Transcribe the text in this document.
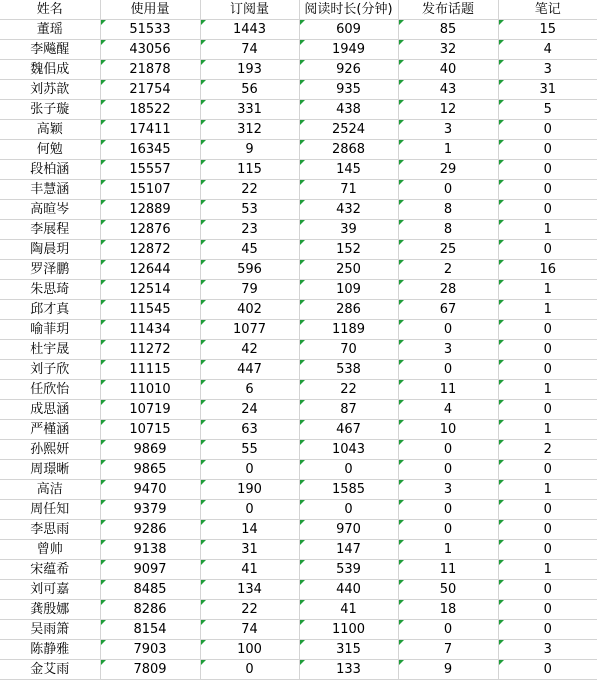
姓名	使用量	订阅量	阅读时长(分钟)	发布话题	笔记
董瑶	51533	1443	609	85	15
李飚醒	43056	74	1949	32	4
魏佀成	21878	193	926	40	3
刘苏歆	21754	56	935	43	31
张子璇	18522	331	438	12	5
高颖	17411	312	2524	3	0
何勉	16345	9	2868	1	0
段柏涵	15557	115	145	29	0
丰慧涵	15107	22	71	0	0
高暄岑	12889	53	432	8	0
李展程	12876	23	39	8	1
陶晨玥	12872	45	152	25	0
罗泽鹏	12644	596	250	2	16
朱思琦	12514	79	109	28	1
邱才真	11545	402	286	67	1
喻菲玥	11434	1077	1189	0	0
杜宇晟	11272	42	70	3	0
刘子欣	11115	447	538	0	0
任欣怡	11010	6	22	11	1
成思涵	10719	24	87	4	0
严槿涵	10715	63	467	10	1
孙熙妍	9869	55	1043	0	2
周璟晰	9865	0	0	0	0
高洁	9470	190	1585	3	1
周任知	9379	0	0	0	0
李思雨	9286	14	970	0	0
曾帅	9138	31	147	1	0
宋蕴希	9097	41	539	11	1
刘可嘉	8485	134	440	50	0
龚殷娜	8286	22	41	18	0
吴雨箫	8154	74	1100	0	0
陈静雅	7903	100	315	7	3
金艾雨	7809	0	133	9	0
